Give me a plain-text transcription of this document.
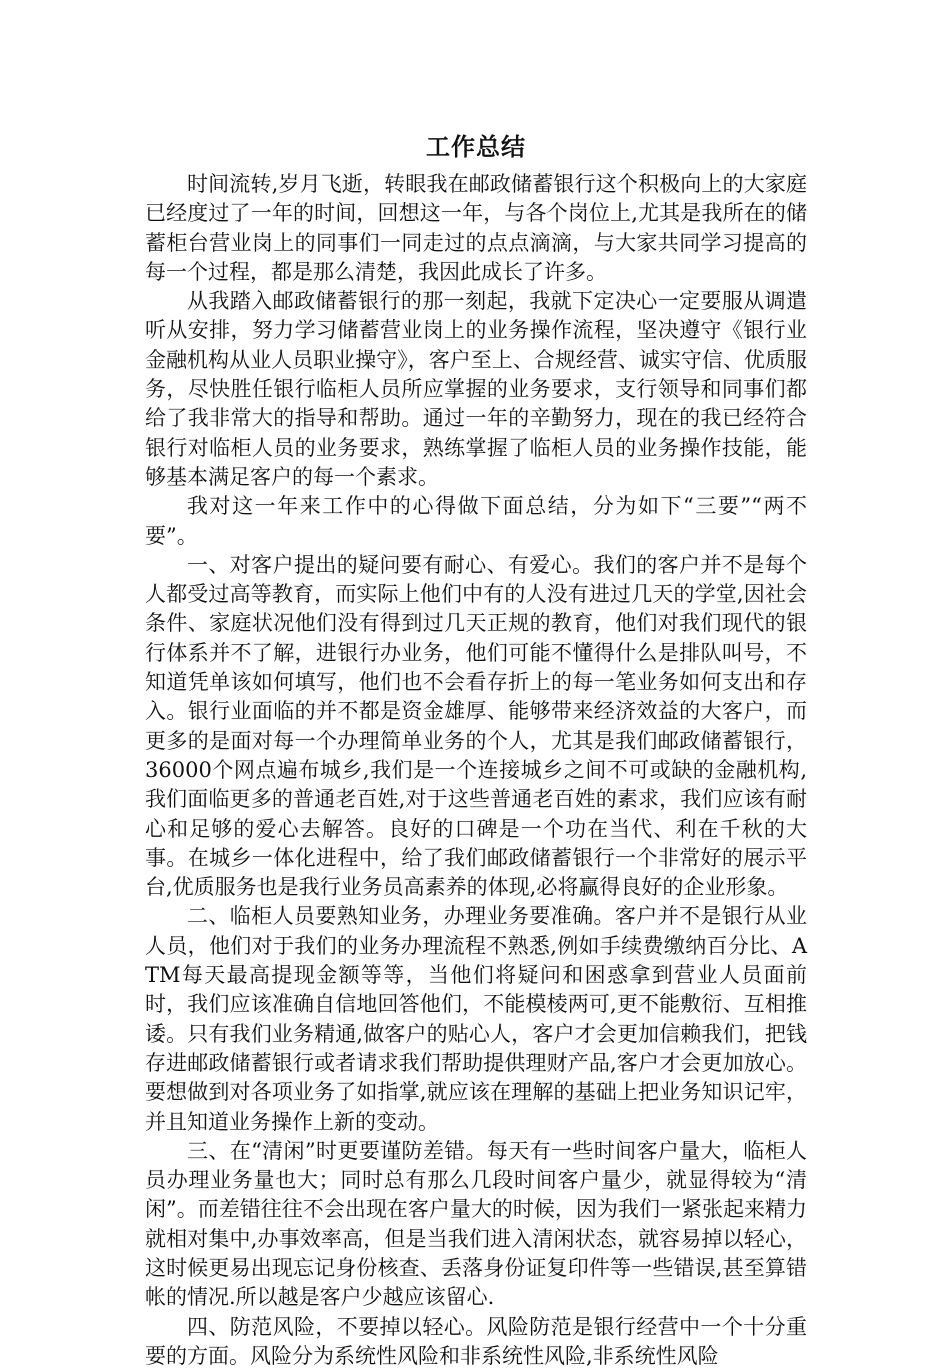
工作总结

时间流转,岁月飞逝，转眼我在邮政储蓄银行这个积极向上的大家庭已经度过了一年的时间，回想这一年，与各个岗位上,尤其是我所在的储蓄柜台营业岗上的同事们一同走过的点点滴滴，与大家共同学习提高的每一个过程，都是那么清楚，我因此成长了许多。

从我踏入邮政储蓄银行的那一刻起，我就下定决心一定要服从调遣听从安排，努力学习储蓄营业岗上的业务操作流程，坚决遵守《银行业金融机构从业人员职业操守》，客户至上、合规经营、诚实守信、优质服务，尽快胜任银行临柜人员所应掌握的业务要求，支行领导和同事们都给了我非常大的指导和帮助。通过一年的辛勤努力，现在的我已经符合银行对临柜人员的业务要求，熟练掌握了临柜人员的业务操作技能，能够基本满足客户的每一个素求。

我对这一年来工作中的心得做下面总结，分为如下“三要”“两不要”。

一、对客户提出的疑问要有耐心、有爱心。我们的客户并不是每个人都受过高等教育，而实际上他们中有的人没有进过几天的学堂,因社会条件、家庭状况他们没有得到过几天正规的教育，他们对我们现代的银行体系并不了解，进银行办业务，他们可能不懂得什么是排队叫号，不知道凭单该如何填写，他们也不会看存折上的每一笔业务如何支出和存入。银行业面临的并不都是资金雄厚、能够带来经济效益的大客户，而更多的是面对每一个办理简单业务的个人，尤其是我们邮政储蓄银行，36000个网点遍布城乡,我们是一个连接城乡之间不可或缺的金融机构,我们面临更多的普通老百姓,对于这些普通老百姓的素求，我们应该有耐心和足够的爱心去解答。良好的口碑是一个功在当代、利在千秋的大事。在城乡一体化进程中，给了我们邮政储蓄银行一个非常好的展示平台,优质服务也是我行业务员高素养的体现,必将赢得良好的企业形象。

二、临柜人员要熟知业务，办理业务要准确。客户并不是银行从业人员，他们对于我们的业务办理流程不熟悉,例如手续费缴纳百分比、ATM每天最高提现金额等等，当他们将疑问和困惑拿到营业人员面前时，我们应该准确自信地回答他们，不能模棱两可,更不能敷衍、互相推诿。只有我们业务精通,做客户的贴心人，客户才会更加信赖我们，把钱存进邮政储蓄银行或者请求我们帮助提供理财产品,客户才会更加放心。要想做到对各项业务了如指掌,就应该在理解的基础上把业务知识记牢，并且知道业务操作上新的变动。

三、在“清闲”时更要谨防差错。每天有一些时间客户量大，临柜人员办理业务量也大；同时总有那么几段时间客户量少，就显得较为“清闲”。而差错往往不会出现在客户量大的时候，因为我们一紧张起来精力就相对集中,办事效率高，但是当我们进入清闲状态，就容易掉以轻心，这时候更易出现忘记身份核查、丢落身份证复印件等一些错误,甚至算错帐的情况.所以越是客户少越应该留心.

四、防范风险，不要掉以轻心。风险防范是银行经营中一个十分重要的方面。风险分为系统性风险和非系统性风险,非系统性风险
